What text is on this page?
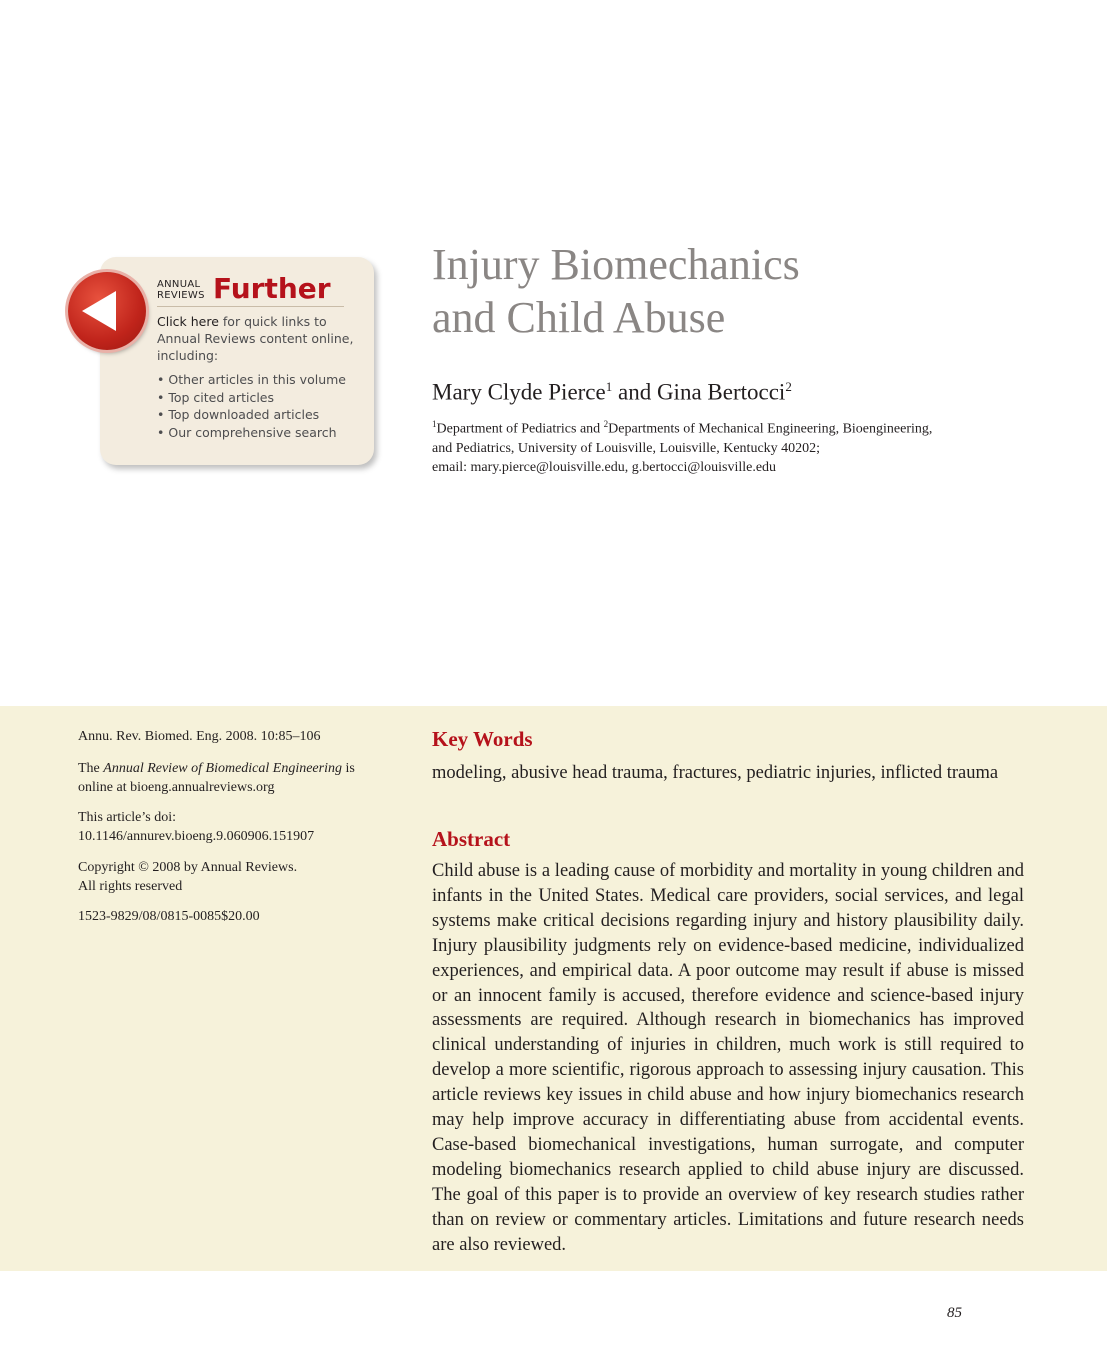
ANNUAL
REVIEWS Further
Click here for quick links to Annual Reviews content online, including:
• Other articles in this volume
• Top cited articles
• Top downloaded articles
• Our comprehensive search
Injury Biomechanics
and Child Abuse
Mary Clyde Pierce$^1$ and Gina Bertocci$^2$
$^1$Department of Pediatrics and $^2$Departments of Mechanical Engineering, Bioengineering,
and Pediatrics, University of Louisville, Louisville, Kentucky 40202;
email: mary.pierce@louisville.edu, g.bertocci@louisville.edu
Annu. Rev. Biomed. Eng. 2008. 10:85–106
The Annual Review of Biomedical Engineering is
online at bioeng.annualreviews.org
This article’s doi:
10.1146/annurev.bioeng.9.060906.151907
Copyright © 2008 by Annual Reviews.
All rights reserved
1523-9829/08/0815-0085$20.00
Key Words
modeling, abusive head trauma, fractures, pediatric injuries, inflicted trauma
Abstract

Child abuse is a leading cause of morbidity and mortality in young children and infants in the United States. Medical care providers, social services, and legal systems make critical decisions regarding injury and history plausibility daily. Injury plausibility judgments rely on evidence-based medicine, individualized experiences, and empirical data. A poor outcome may result if abuse is missed or an innocent family is accused, therefore evidence and science-based injury assessments are required. Although research in biomechanics has improved clinical understanding of injuries in children, much work is still required to develop a more scientific, rigorous approach to assessing injury causation. This article reviews key issues in child abuse and how injury biomechanics research may help improve accuracy in differentiating abuse from accidental events. Case-based biomechanical investigations, human surrogate, and computer modeling biomechanics research applied to child abuse injury are discussed. The goal of this paper is to provide an overview of key research studies rather than on review or commentary articles. Limitations and future research needs are also reviewed.

85
